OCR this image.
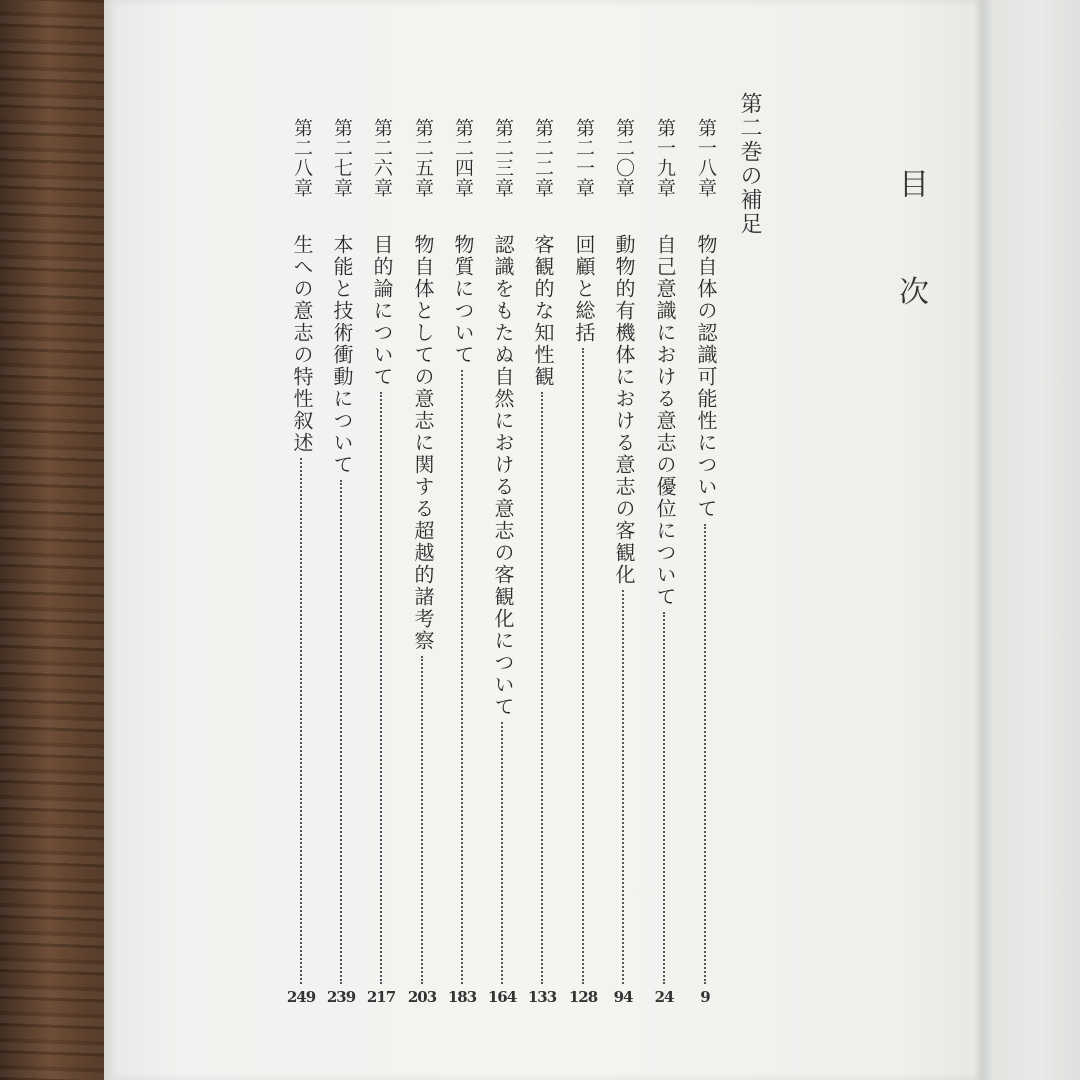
目 次
第二巻の補足
第一八章
物自体の認識可能性について
9
第一九章
自己意識における意志の優位について
24
第二〇章
動物的有機体における意志の客観化
94
第二一章
回顧と総括
128
第二二章
客観的な知性観
133
第二三章
認識をもたぬ自然における意志の客観化について
164
第二四章
物質について
183
第二五章
物自体としての意志に関する超越的諸考察
203
第二六章
目的論について
217
第二七章
本能と技術衝動について
239
第二八章
生への意志の特性叙述
249
